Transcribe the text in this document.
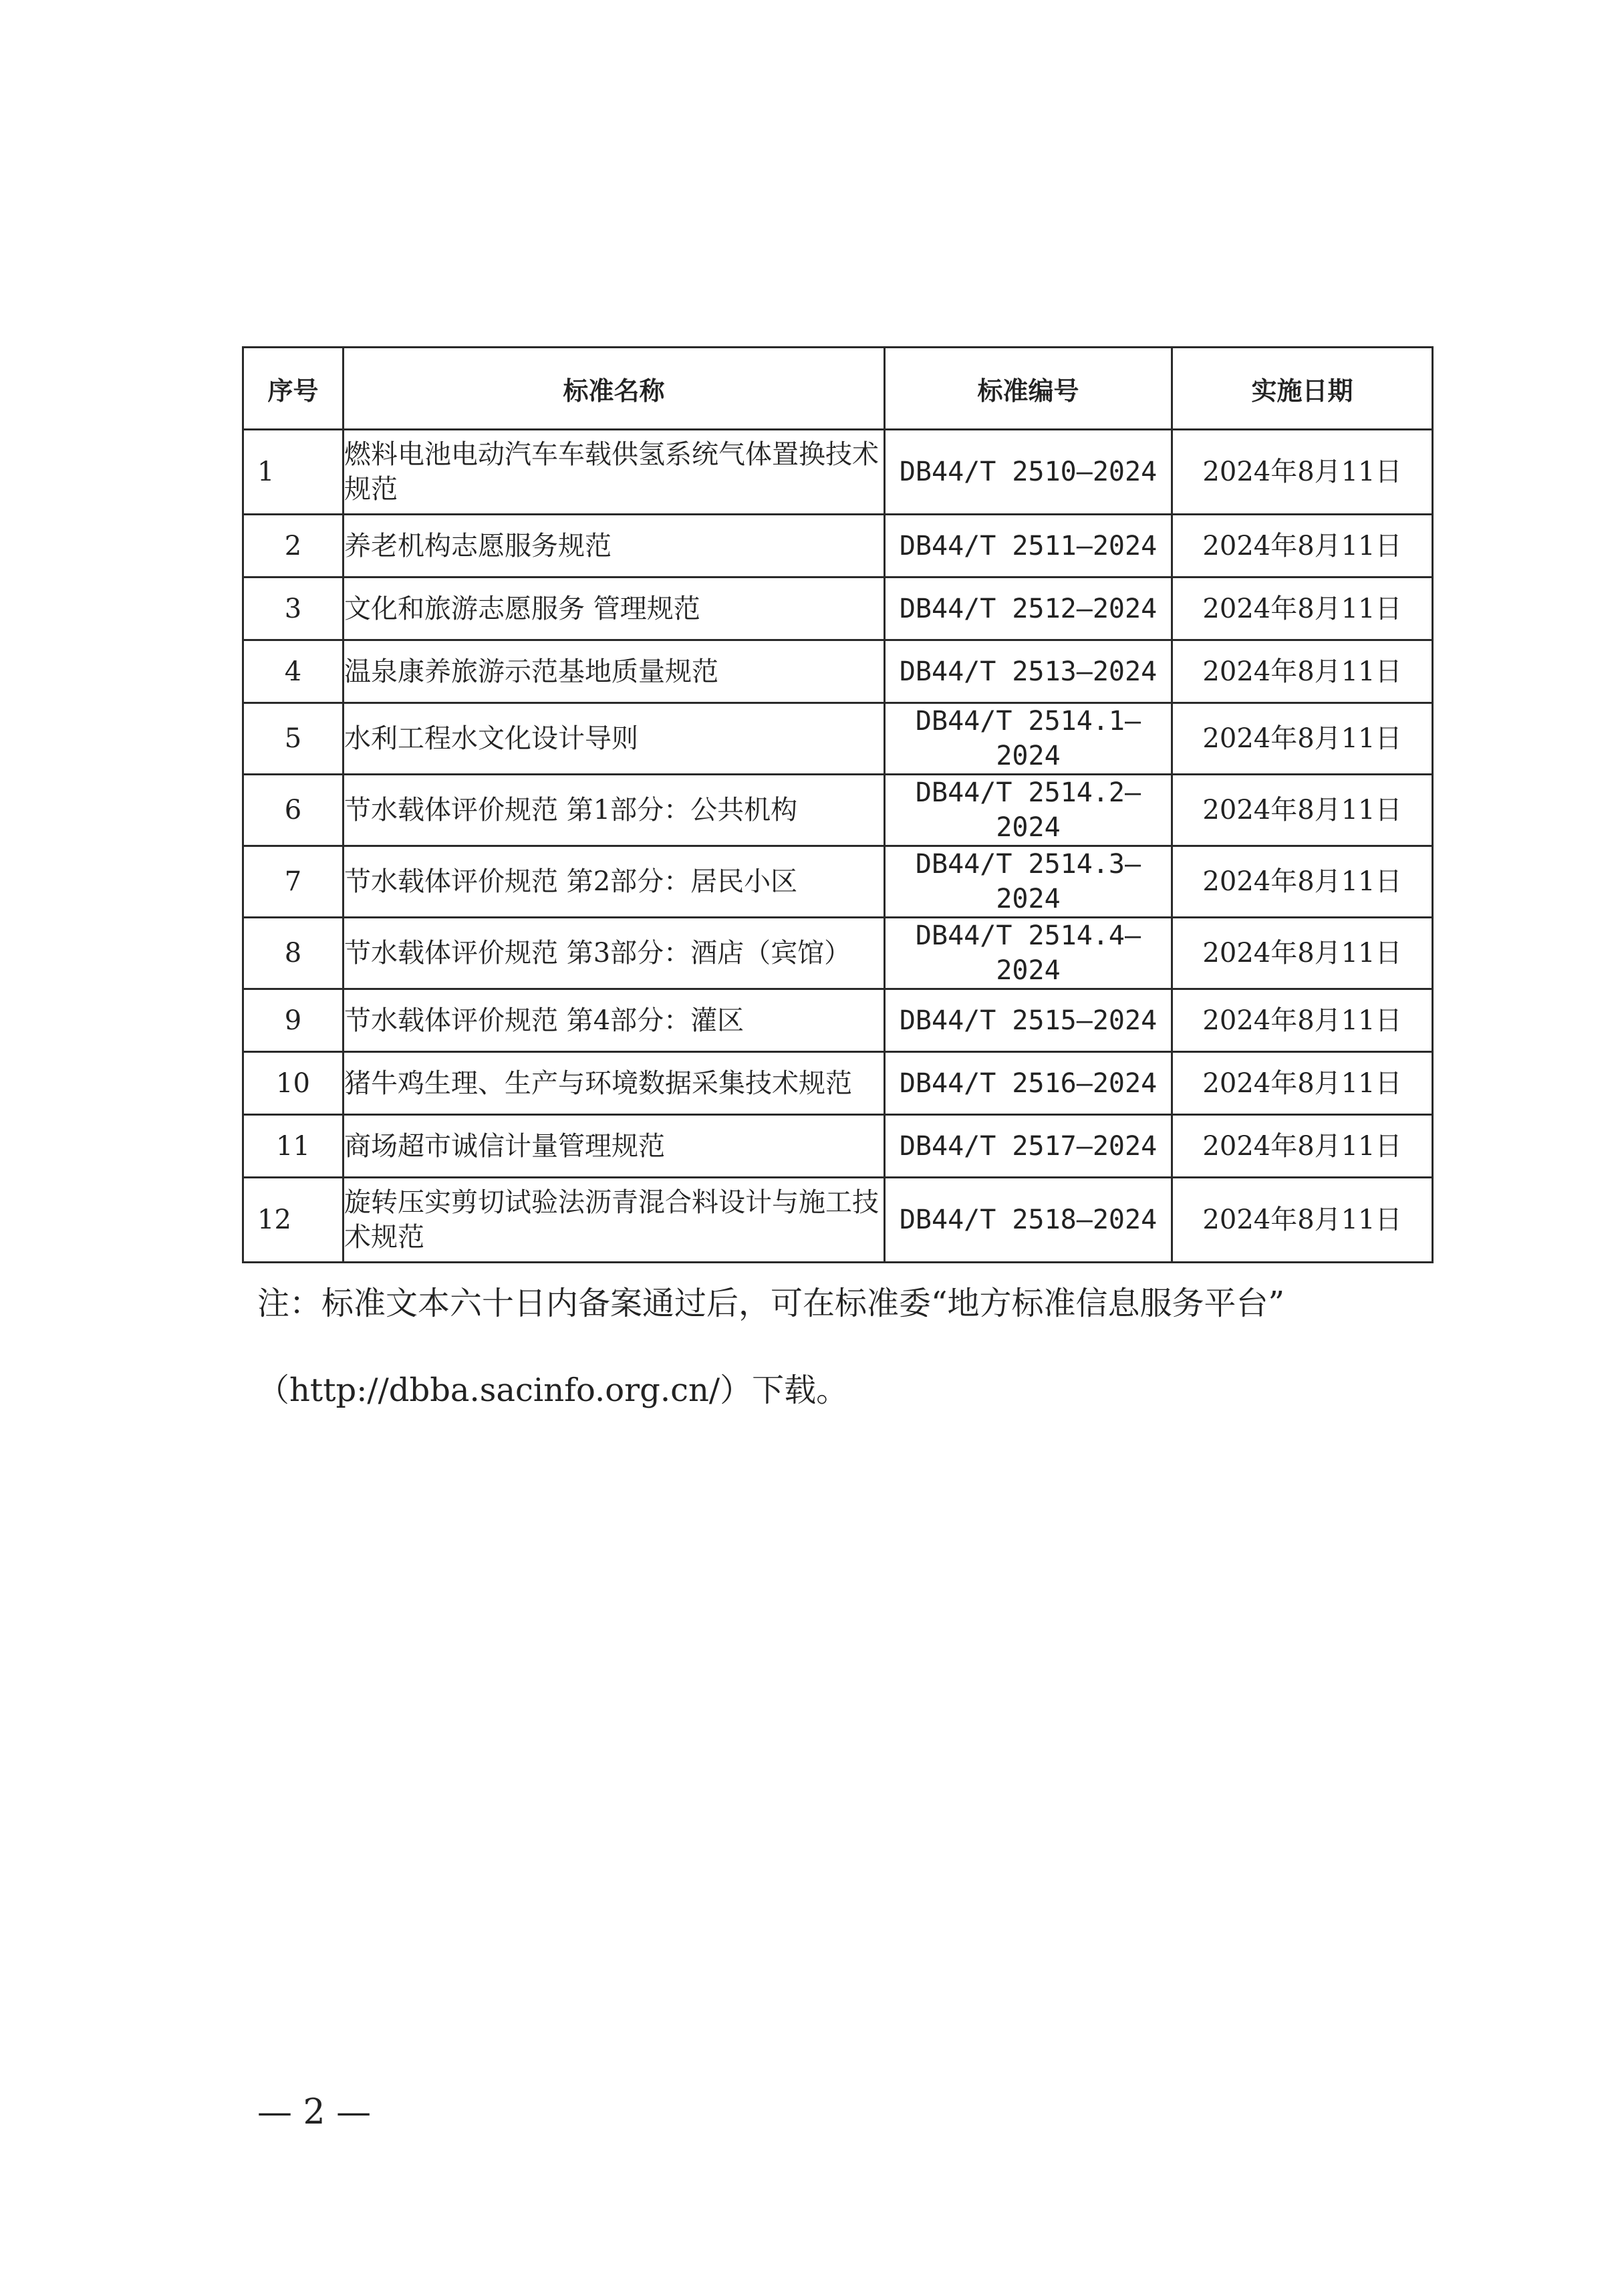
序号	标准名称	标准编号	实施日期
1	燃料电池电动汽车车载供氢系统气体置换技术规范	DB44/T 2510—2024	2024年8月11日
2	养老机构志愿服务规范	DB44/T 2511—2024	2024年8月11日
3	文化和旅游志愿服务 管理规范	DB44/T 2512—2024	2024年8月11日
4	温泉康养旅游示范基地质量规范	DB44/T 2513—2024	2024年8月11日
5	水利工程水文化设计导则	DB44/T 2514.1—2024	2024年8月11日
6	节水载体评价规范 第1部分：公共机构	DB44/T 2514.2—2024	2024年8月11日
7	节水载体评价规范 第2部分：居民小区	DB44/T 2514.3—2024	2024年8月11日
8	节水载体评价规范 第3部分：酒店（宾馆）	DB44/T 2514.4—2024	2024年8月11日
9	节水载体评价规范 第4部分：灌区	DB44/T 2515—2024	2024年8月11日
10	猪牛鸡生理、生产与环境数据采集技术规范	DB44/T 2516—2024	2024年8月11日
11	商场超市诚信计量管理规范	DB44/T 2517—2024	2024年8月11日
12	旋转压实剪切试验法沥青混合料设计与施工技术规范	DB44/T 2518—2024	2024年8月11日
注：标准文本六十日内备案通过后，可在标准委“地方标准信息服务平台”
（http://dbba.sacinfo.org.cn/）下载。
— 2 —
